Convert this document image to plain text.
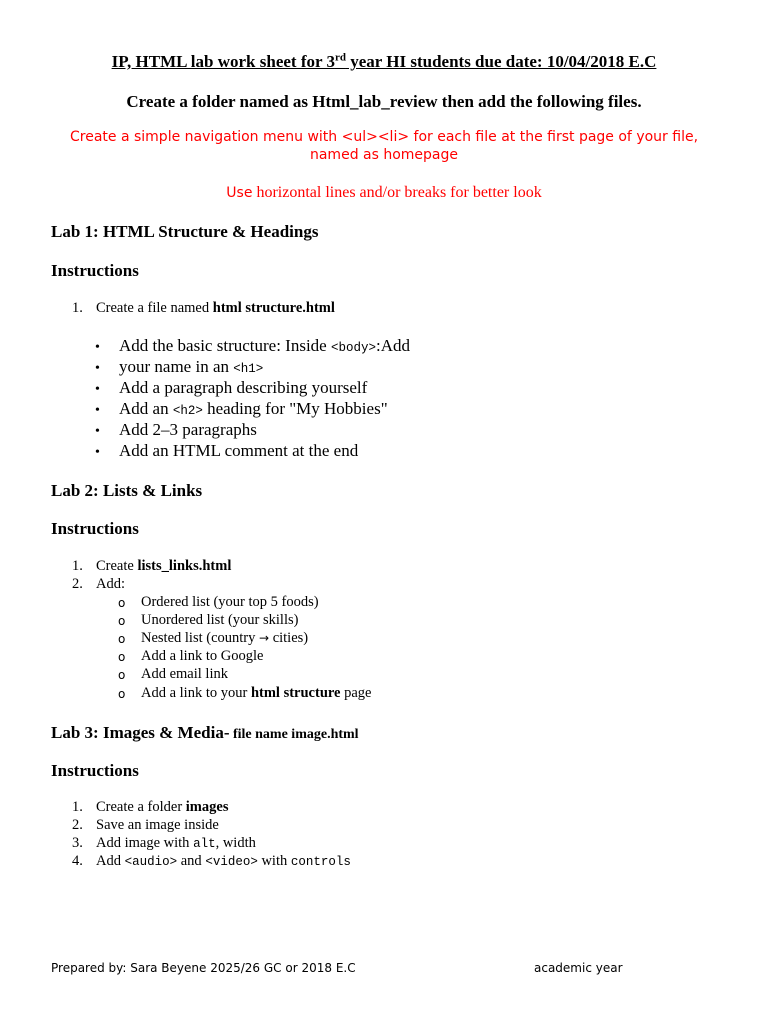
IP, HTML lab work sheet for 3rd year HI students due date: 10/04/2018 E.C

Create a folder named as Html_lab_review then add the following files.

Create a simple navigation menu with <ul><li> for each file at the first page of your file,

named as homepage

Use horizontal lines and/or breaks for better look

Lab 1: HTML Structure & Headings

Instructions

1. Create a file named html structure.html
• Add the basic structure: Inside <body>:Add
• your name in an <h1>
• Add a paragraph describing yourself
• Add an <h2> heading for "My Hobbies"
• Add 2–3 paragraphs
• Add an HTML comment at the end

Lab 2: Lists & Links

Instructions

1. Create lists_links.html
2. Add:
o Ordered list (your top 5 foods)
o Unordered list (your skills)
o Nested list (country → cities)
o Add a link to Google
o Add email link
o Add a link to your html structure page

Lab 3: Images & Media- file name image.html

Instructions

1. Create a folder images
2. Save an image inside
3. Add image with alt, width
4. Add <audio> and <video> with controls
Prepared by: Sara Beyene 2025/26 GC or 2018 E.C	academic year
